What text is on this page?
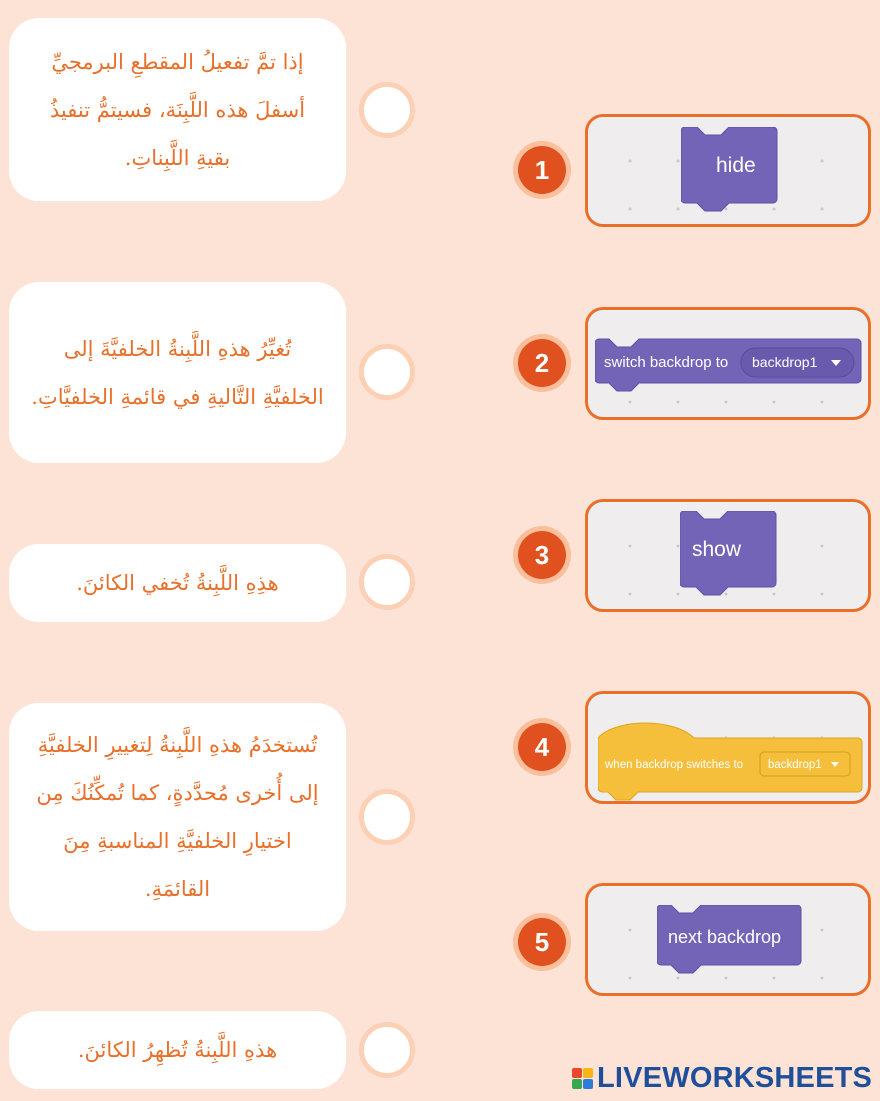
إذا تمَّ تفعيلُ المقطعِ البرمجيِّ أسفلَ هذه اللَّبِنَة، فسيتمُّ تنفيذُ بقيةِ اللَّبِناتِ.

تُغيِّرُ هذهِ اللَّبِنةُ الخلفيَّةَ إلى الخلفيَّةِ التَّاليةِ في قائمةِ الخلفيَّاتِ.

هذِهِ اللَّبِنةُ تُخفي الكائنَ.

تُستخدَمُ هذهِ اللَّبِنةُ لِتغييرِ الخلفيَّةِ إلى أُخرى مُحدَّدةٍ، كما تُمكِّنُكَ مِن اختيارِ الخلفيَّةِ المناسبةِ مِنَ القائمَةِ.

هذهِ اللَّبِنةُ تُظهِرُ الكائنَ.

1
2
3
4
5
hide
switch backdrop to backdrop1
show
when backdrop switches to backdrop1
next backdrop
LIVEWORKSHEETS
